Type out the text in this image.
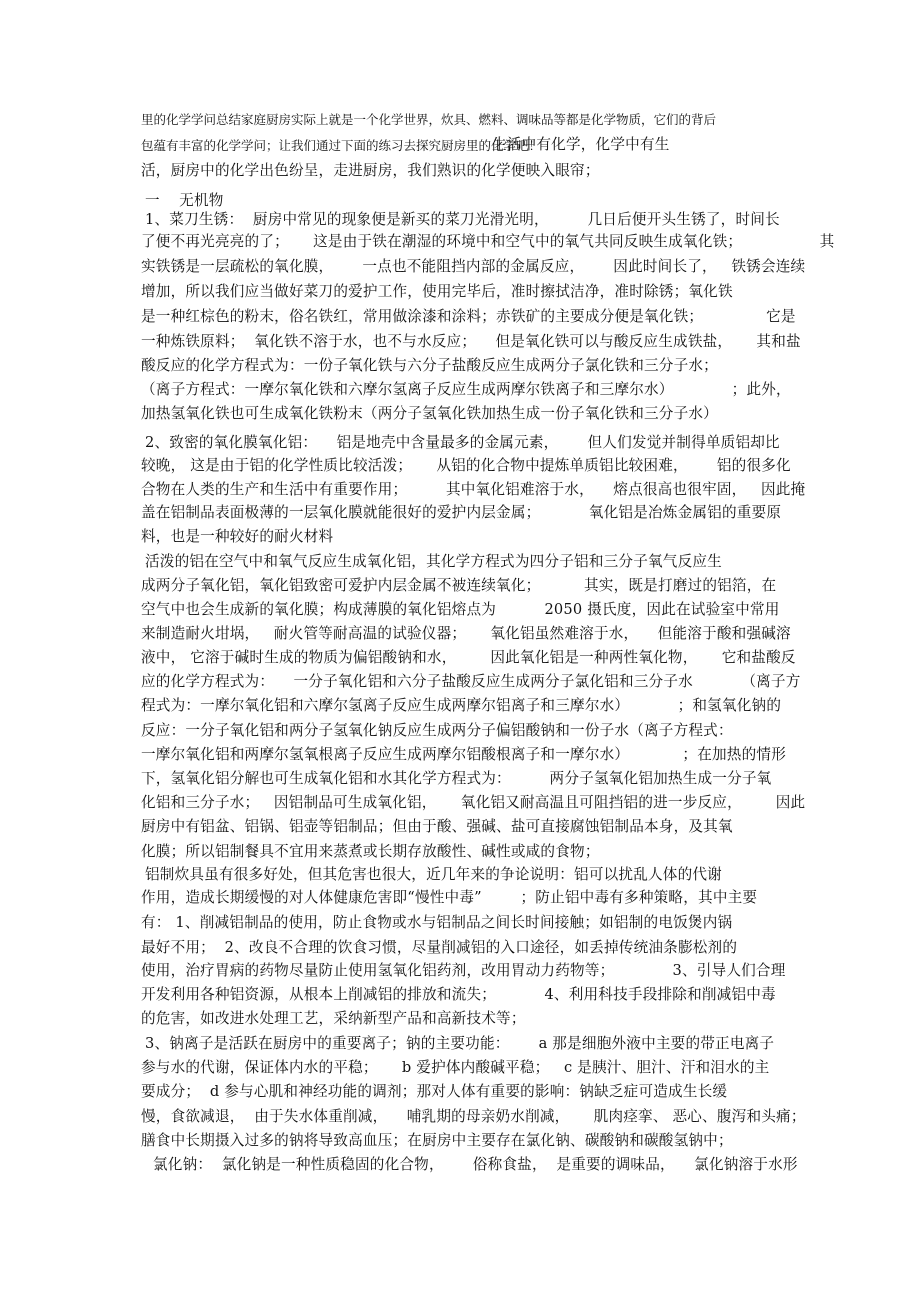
里的化学学问总结家庭厨房实际上就是一个化学世界，炊具、燃料、调味品等都是化学物质，它们的背后
包蕴有丰富的化学学问；让我们通过下面的练习去探究厨房里的化学吧！
生活中有化学，化学中有生
活，厨房中的化学出色纷呈，走进厨房，我们熟识的化学便映入眼帘；
一    无机物
1、菜刀生锈：  厨房中常见的现象便是新买的菜刀光滑光明，        几日后便开头生锈了，时间长
了便不再光亮亮的了；     这是由于铁在潮湿的环境中和空气中的氧气共同反映生成氧化铁；                其
实铁锈是一层疏松的氧化膜，      一点也不能阻挡内部的金属反应，      因此时间长了，   铁锈会连续
增加，所以我们应当做好菜刀的爱护工作，使用完毕后，准时擦拭洁净，准时除锈；氧化铁
是一种红棕色的粉末，俗名铁红，常用做涂漆和涂料；赤铁矿的主要成分便是氧化铁；             它是
一种炼铁原料；  氧化铁不溶于水，也不与水反应；    但是氧化铁可以与酸反应生成铁盐，     其和盐
酸反应的化学方程式为：一份子氧化铁与六分子盐酸反应生成两分子氯化铁和三分子水；
（离子方程式：一摩尔氧化铁和六摩尔氢离子反应生成两摩尔铁离子和三摩尔水）            ；此外，
加热氢氧化铁也可生成氧化铁粉末（两分子氢氧化铁加热生成一份子氧化铁和三分子水）
2、致密的氧化膜氧化铝：    铝是地壳中含量最多的金属元素，      但人们发觉并制得单质铝却比
较晚， 这是由于铝的化学性质比较活泼；     从铝的化合物中提炼单质铝比较困难，      铝的很多化
合物在人类的生产和生活中有重要作用；        其中氧化铝难溶于水，    熔点很高也很牢固，   因此掩
盖在铝制品表面极薄的一层氧化膜就能很好的爱护内层金属；          氧化铝是冶炼金属铝的重要原
料，也是一种较好的耐火材料
活泼的铝在空气中和氧气反应生成氧化铝，其化学方程式为四分子铝和三分子氧气反应生
成两分子氧化铝，氧化铝致密可爱护内层金属不被连续氧化；         其实，既是打磨过的铝箔，在
空气中也会生成新的氧化膜；构成薄膜的氧化铝熔点为          2050 摄氏度，因此在试验室中常用
来制造耐火坩埚，   耐火管等耐高温的试验仪器；     氧化铝虽然难溶于水，    但能溶于酸和强碱溶
液中， 它溶于碱时生成的物质为偏铝酸钠和水，       因此氧化铝是一种两性氧化物，     它和盐酸反
应的化学方程式为：    一分子氧化铝和六分子盐酸反应生成两分子氯化铝和三分子水          （离子方
程式为：一摩尔氧化铝和六摩尔氢离子反应生成两摩尔铝离子和三摩尔水）          ；和氢氧化钠的
反应：一分子氧化铝和两分子氢氧化钠反应生成两分子偏铝酸钠和一份子水（离子方程式：
一摩尔氧化铝和两摩尔氢氧根离子反应生成两摩尔铝酸根离子和一摩尔水）           ；在加热的情形
下，氢氧化铝分解也可生成氧化铝和水其化学方程式为：        两分子氢氧化铝加热生成一分子氧
化铝和三分子水；   因铝制品可生成氧化铝，     氧化铝又耐高温且可阻挡铝的进一步反应，       因此
厨房中有铝盆、铝锅、铝壶等铝制品；但由于酸、强碱、盐可直接腐蚀铝制品本身，及其氧
化膜；所以铝制餐具不宜用来蒸煮或长期存放酸性、碱性或咸的食物；
铝制炊具虽有很多好处，但其危害也很大，近几年来的争论说明：铝可以扰乱人体的代谢
作用，造成长期缓慢的对人体健康危害即“慢性中毒”        ；防止铝中毒有多种策略，其中主要
有： 1、削减铝制品的使用，防止食物或水与铝制品之间长时间接触；如铝制的电饭煲内锅
最好不用；  2、改良不合理的饮食习惯，尽量削减铝的入口途径，如丢掉传统油条膨松剂的
使用，治疗胃病的药物尽量防止使用氢氧化铝药剂，改用胃动力药物等；            3、引导人们合理
开发利用各种铝资源，从根本上削减铝的排放和流失；          4、利用科技手段排除和削减铝中毒
的危害，如改进水处理工艺，采纳新型产品和高新技术等；
3、钠离子是活跃在厨房中的重要离子；钠的主要功能：      a 那是细胞外液中主要的带正电离子
参与水的代谢，保证体内水的平稳；     b 爱护体内酸碱平稳；   c 是胰汁、胆汁、汗和泪水的主
要成分；  d 参与心肌和神经功能的调剂；那对人体有重要的影响：钠缺乏症可造成生长缓
慢，食欲减退，  由于失水体重削减，    哺乳期的母亲奶水削减，     肌肉痉挛、 恶心、腹泻和头痛；
膳食中长期摄入过多的钠将导致高血压；在厨房中主要存在氯化钠、碳酸钠和碳酸氢钠中；
氯化钠：  氯化钠是一种性质稳固的化合物，      俗称食盐，  是重要的调味品，    氯化钠溶于水形
